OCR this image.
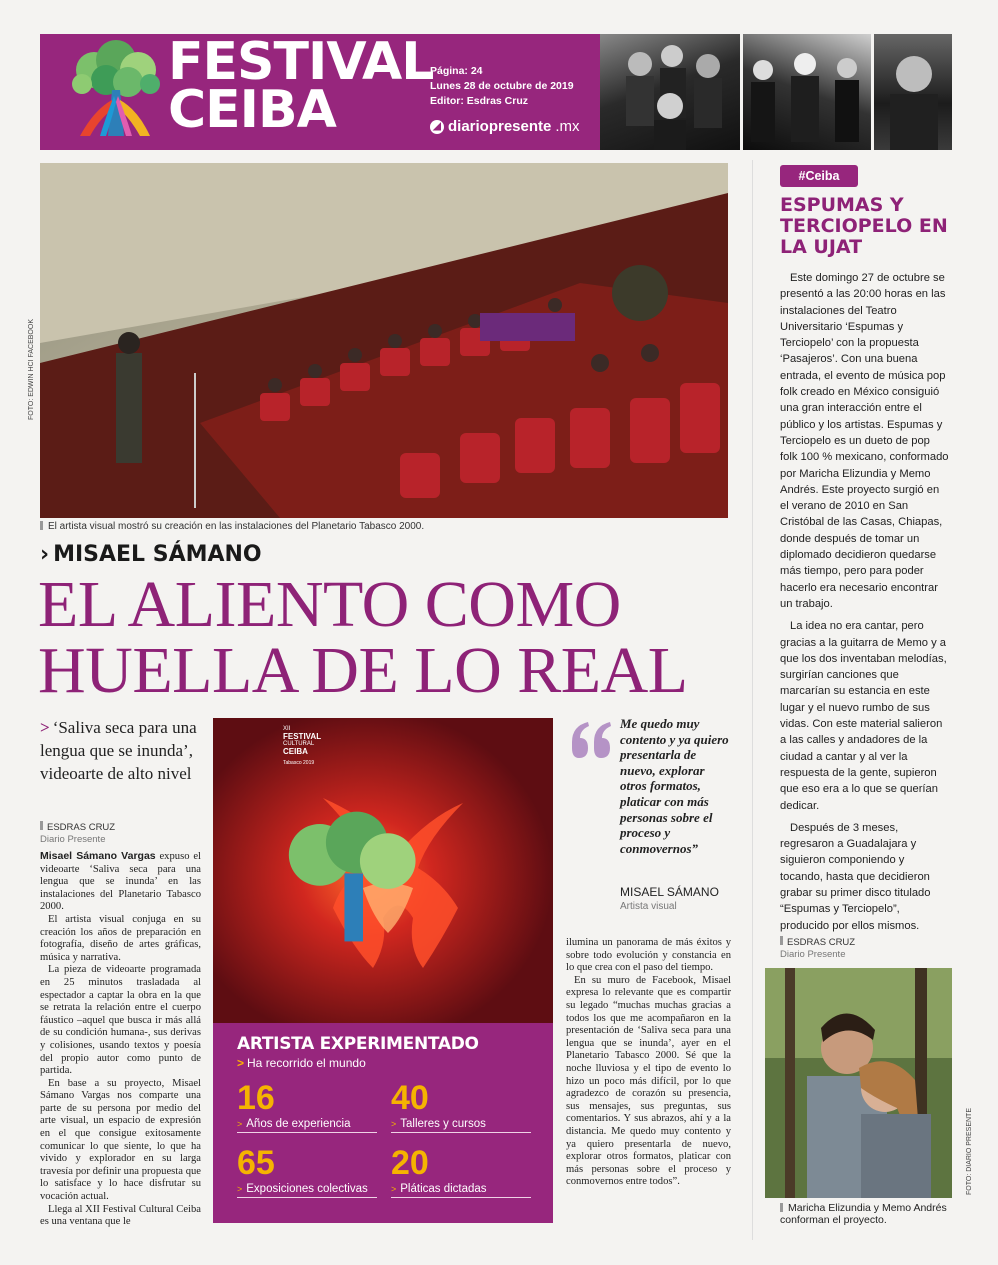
FESTIVAL
CEIBA
Página: 24
Lunes 28 de octubre de 2019
Editor: Esdras Cruz
◢ diariopresente .mx
FOTO: EDWIN HCI FACEBOOK
El artista visual mostró su creación en las instalaciones del Planetario Tabasco 2000.
› MISAEL SÁMANO
EL ALIENTO COMO HUELLA DE LO REAL
> ‘Saliva seca para una lengua que se inunda’, videoarte de alto nivel
ESDRAS CRUZ
Diario Presente

Misael Sámano Vargas expuso el videoarte ‘Saliva seca para una lengua que se inunda’ en las instalaciones del Planetario Tabasco 2000.

El artista visual conjuga en su creación los años de preparación en fotografía, diseño de artes gráficas, música y narrativa.

La pieza de videoarte programada en 25 minutos trasladada al espectador a captar la obra en la que se retrata la relación entre el cuerpo fáustico –aquel que busca ir más allá de su condición humana-, sus derivas y colisiones, usando textos y poesía del propio autor como punto de partida.

En base a su proyecto, Misael Sámano Vargas nos comparte una parte de su persona por medio del arte visual, un espacio de expresión en el que consigue exitosamente comunicar lo que siente, lo que ha vivido y explorador en su larga travesía por definir una propuesta que lo satisface y lo hace disfrutar su vocación actual.

Llega al XII Festival Cultural Ceiba es una ventana que le

XII
FESTIVAL
CULTURAL
CEIBA
Tabasco 2019
ARTISTA EXPERIMENTADO
> Ha recorrido el mundo
16
> Años de experiencia
40
> Talleres y cursos
65
> Exposiciones colectivas
20
> Pláticas dictadas
Me quedo muy contento y ya quiero presentarla de nuevo, explorar otros formatos, platicar con más personas sobre el proceso y conmovernos”
MISAEL SÁMANO
Artista visual

ilumina un panorama de más éxitos y sobre todo evolución y constancia en lo que crea con el paso del tiempo.

En su muro de Facebook, Misael expresa lo relevante que es compartir su legado “muchas muchas gracias a todos los que me acompañaron en la presentación de ‘Saliva seca para una lengua que se inunda’, ayer en el Planetario Tabasco 2000. Sé que la noche lluviosa y el tipo de evento lo hizo un poco más difícil, por lo que agradezco de corazón su presencia, sus mensajes, sus preguntas, sus comentarios. Y sus abrazos, ahí y a la distancia. Me quedo muy contento y ya quiero presentarla de nuevo, explorar otros formatos, platicar con más personas sobre el proceso y conmovernos entre todos”.

#Ceiba
ESPUMAS Y TERCIOPELO EN LA UJAT

Este domingo 27 de octubre se presentó a las 20:00 horas en las instalaciones del Teatro Universitario ‘Espumas y Terciopelo’ con la propuesta ‘Pasajeros’. Con una buena entrada, el evento de música pop folk creado en México consiguió una gran interacción entre el público y los artistas. Espumas y Terciopelo es un dueto de pop folk 100 % mexicano, conformado por Maricha Elizundia y Memo Andrés. Este proyecto surgió en el verano de 2010 en San Cristóbal de las Casas, Chiapas, donde después de tomar un diplomado decidieron quedarse más tiempo, pero para poder hacerlo era necesario encontrar un trabajo.

La idea no era cantar, pero gracias a la guitarra de Memo y a que los dos inventaban melodías, surgirían canciones que marcarían su estancia en este lugar y el nuevo rumbo de sus vidas. Con este material salieron a las calles y andadores de la ciudad a cantar y al ver la respuesta de la gente, supieron que eso era a lo que se querían dedicar.

Después de 3 meses, regresaron a Guadalajara y siguieron componiendo y tocando, hasta que decidieron grabar su primer disco titulado “Espumas y Terciopelo”, producido por ellos mismos.

ESDRAS CRUZ
Diario Presente
FOTO: DIARIO PRESENTE
Maricha Elizundia y Memo Andrés conforman el proyecto.
